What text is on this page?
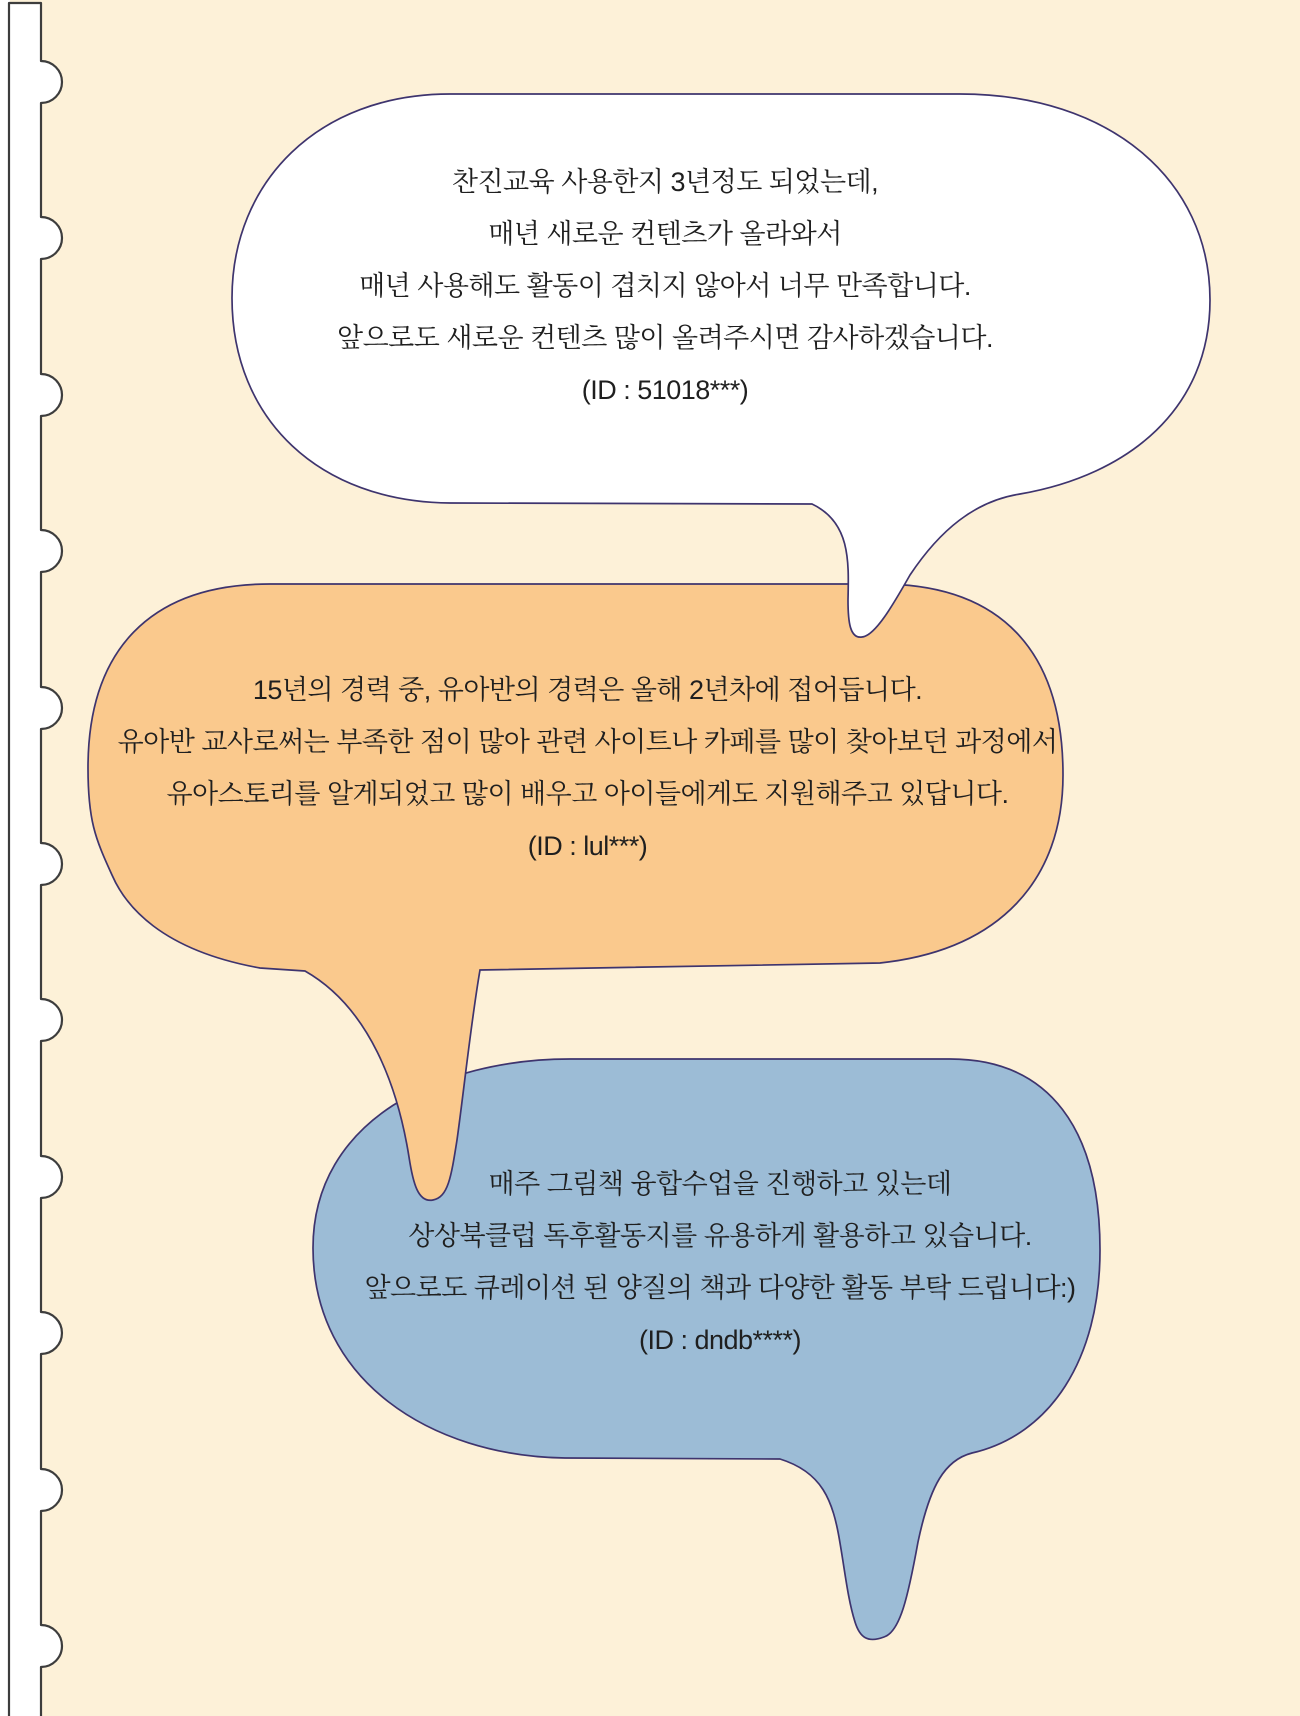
찬진교육 사용한지 3년정도 되었는데,
매년 새로운 컨텐츠가 올라와서
매년 사용해도 활동이 겹치지 않아서 너무 만족합니다.
앞으로도 새로운 컨텐츠 많이 올려주시면 감사하겠습니다.
(ID : 51018***)
15년의 경력 중, 유아반의 경력은 올해 2년차에 접어듭니다.
유아반 교사로써는 부족한 점이 많아 관련 사이트나 카페를 많이 찾아보던 과정에서
유아스토리를 알게되었고 많이 배우고 아이들에게도 지원해주고 있답니다.
(ID : lul***)
매주 그림책 융합수업을 진행하고 있는데
상상북클럽 독후활동지를 유용하게 활용하고 있습니다.
앞으로도 큐레이션 된 양질의 책과 다양한 활동 부탁 드립니다:)
(ID : dndb****)
